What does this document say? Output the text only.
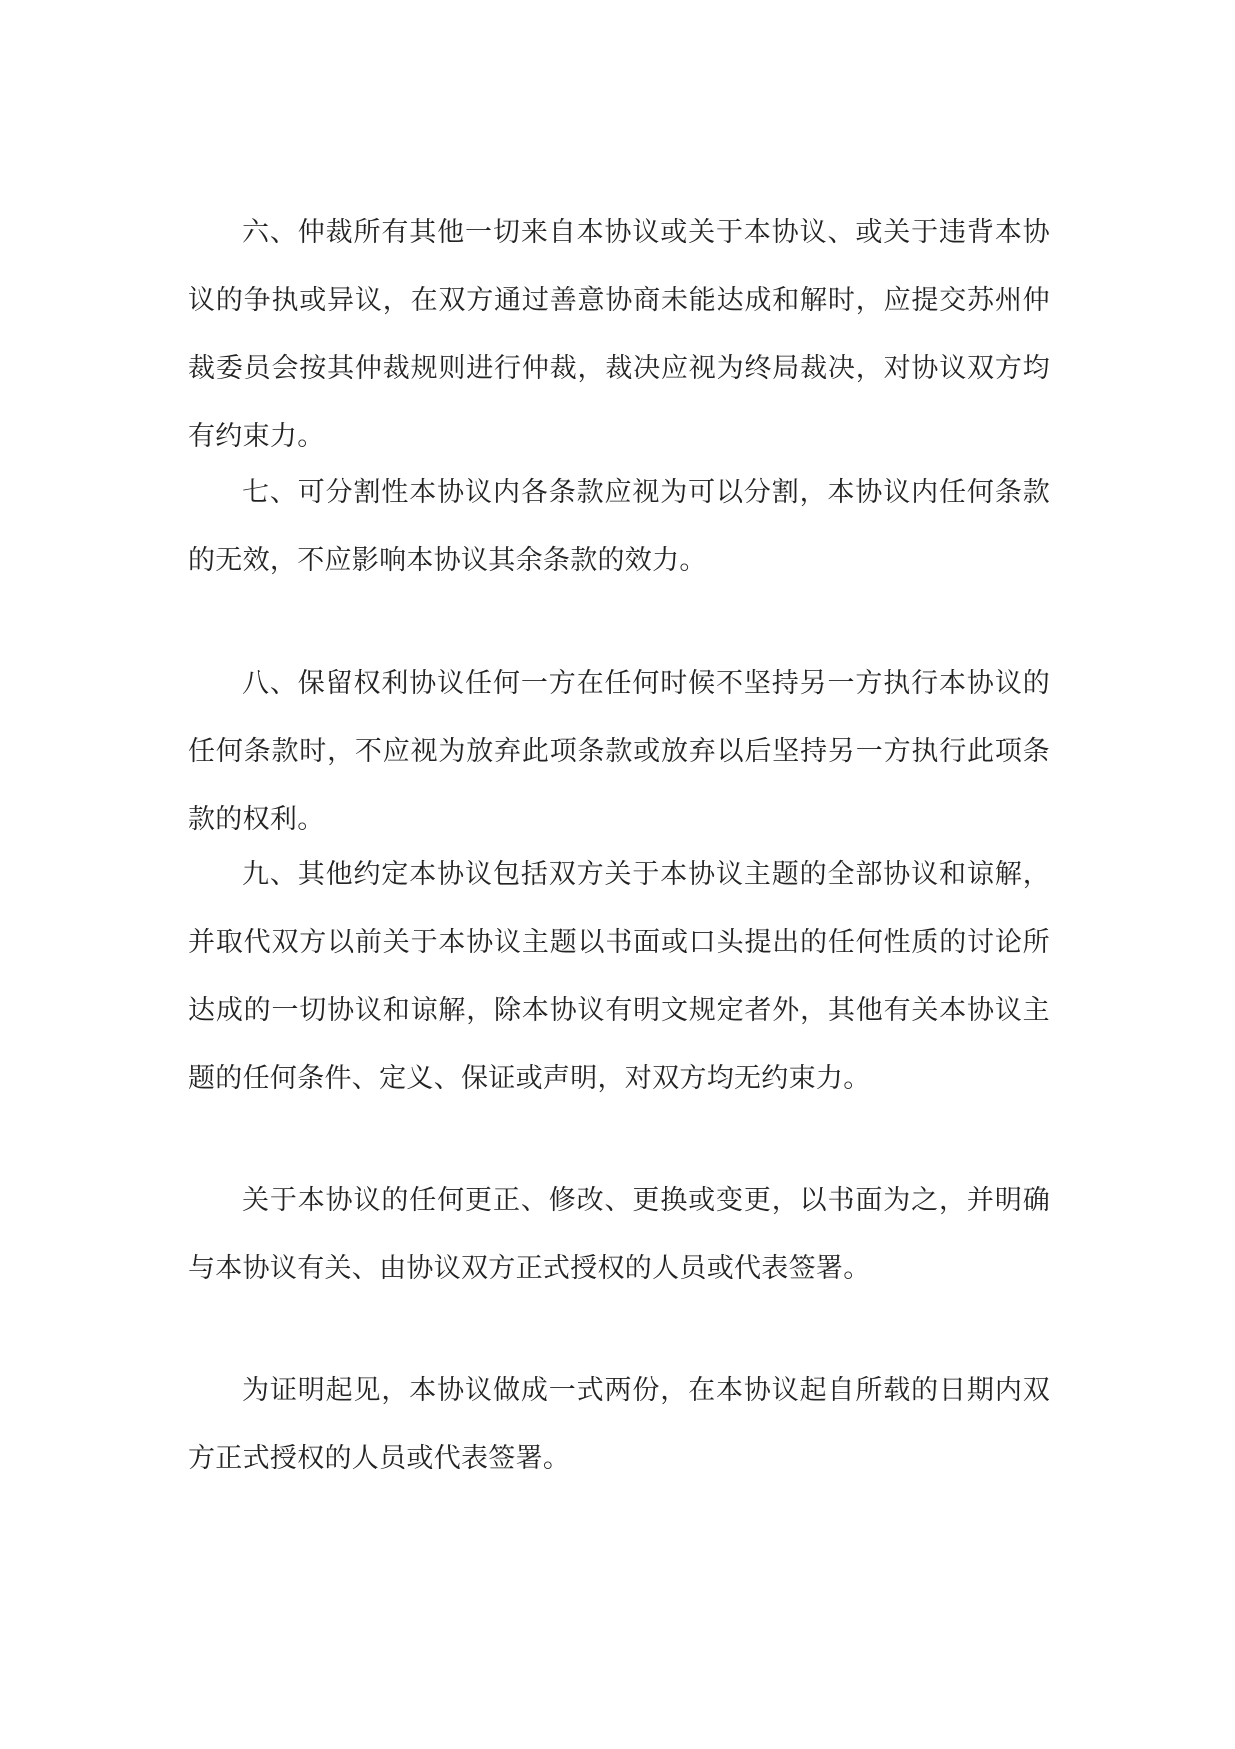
六、仲裁所有其他一切来自本协议或关于本协议、或关于违背本协议的争执或异议，在双方通过善意协商未能达成和解时，应提交苏州仲裁委员会按其仲裁规则进行仲裁，裁决应视为终局裁决，对协议双方均有约束力。

七、可分割性本协议内各条款应视为可以分割，本协议内任何条款的无效，不应影响本协议其余条款的效力。

八、保留权利协议任何一方在任何时候不坚持另一方执行本协议的任何条款时，不应视为放弃此项条款或放弃以后坚持另一方执行此项条款的权利。

九、其他约定本协议包括双方关于本协议主题的全部协议和谅解，并取代双方以前关于本协议主题以书面或口头提出的任何性质的讨论所达成的一切协议和谅解，除本协议有明文规定者外，其他有关本协议主题的任何条件、定义、保证或声明，对双方均无约束力。

关于本协议的任何更正、修改、更换或变更，以书面为之，并明确与本协议有关、由协议双方正式授权的人员或代表签署。

为证明起见，本协议做成一式两份，在本协议起自所载的日期内双方正式授权的人员或代表签署。
